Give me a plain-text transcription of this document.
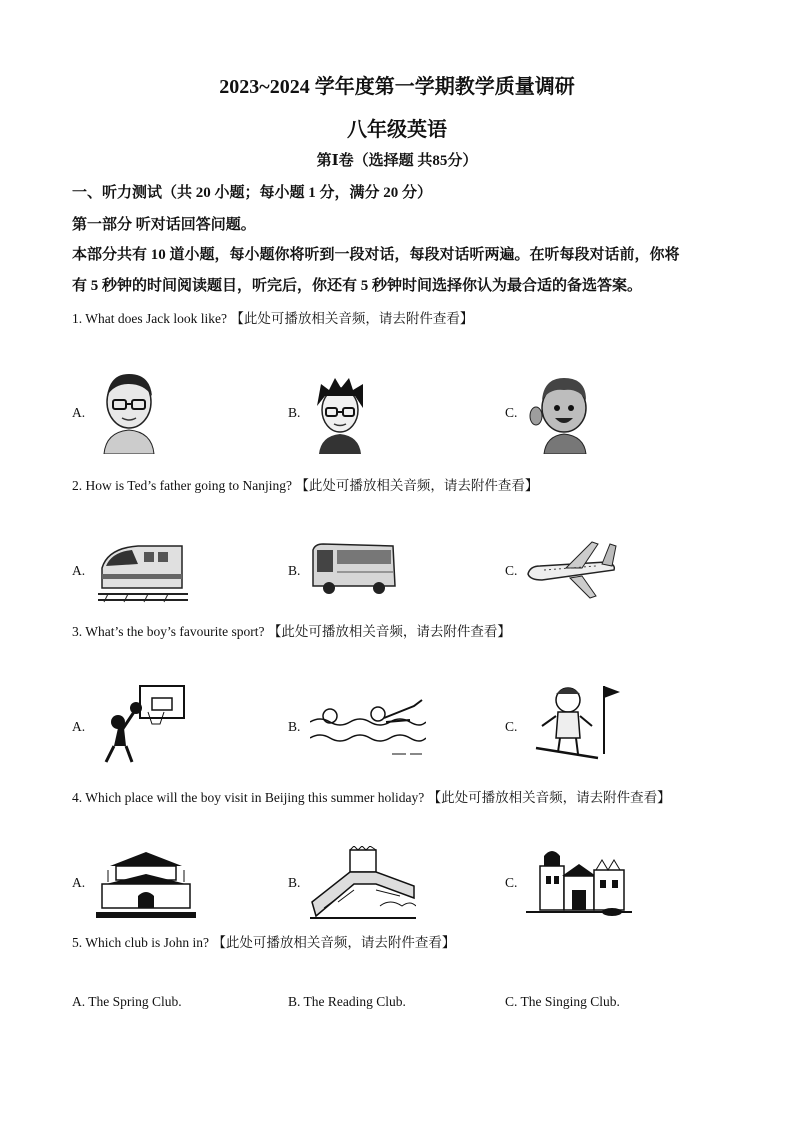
2023~2024 学年度第一学期教学质量调研
八年级英语
第Ⅰ卷（选择题 共85分）
一、听力测试（共 20 小题；每小题 1 分，满分 20 分）
第一部分 听对话回答问题。
本部分共有 10 道小题，每小题你将听到一段对话，每段对话听两遍。在听每段对话前，你将
有 5 秒钟的时间阅读题目，听完后，你还有 5 秒钟时间选择你认为最合适的备选答案。
1. What does Jack look like? 【此处可播放相关音频，请去附件查看】
A.	B.	C.
2. How is Ted’s father going to Nanjing? 【此处可播放相关音频，请去附件查看】
A.	B.	C.
3. What’s the boy’s favourite sport? 【此处可播放相关音频，请去附件查看】
A.	B.	C.
4. Which place will the boy visit in Beijing this summer holiday? 【此处可播放相关音频，请去附件查看】
A.	B.	C.
5. Which club is John in? 【此处可播放相关音频，请去附件查看】
A. The Spring Club.	B. The Reading Club.	C. The Singing Club.
